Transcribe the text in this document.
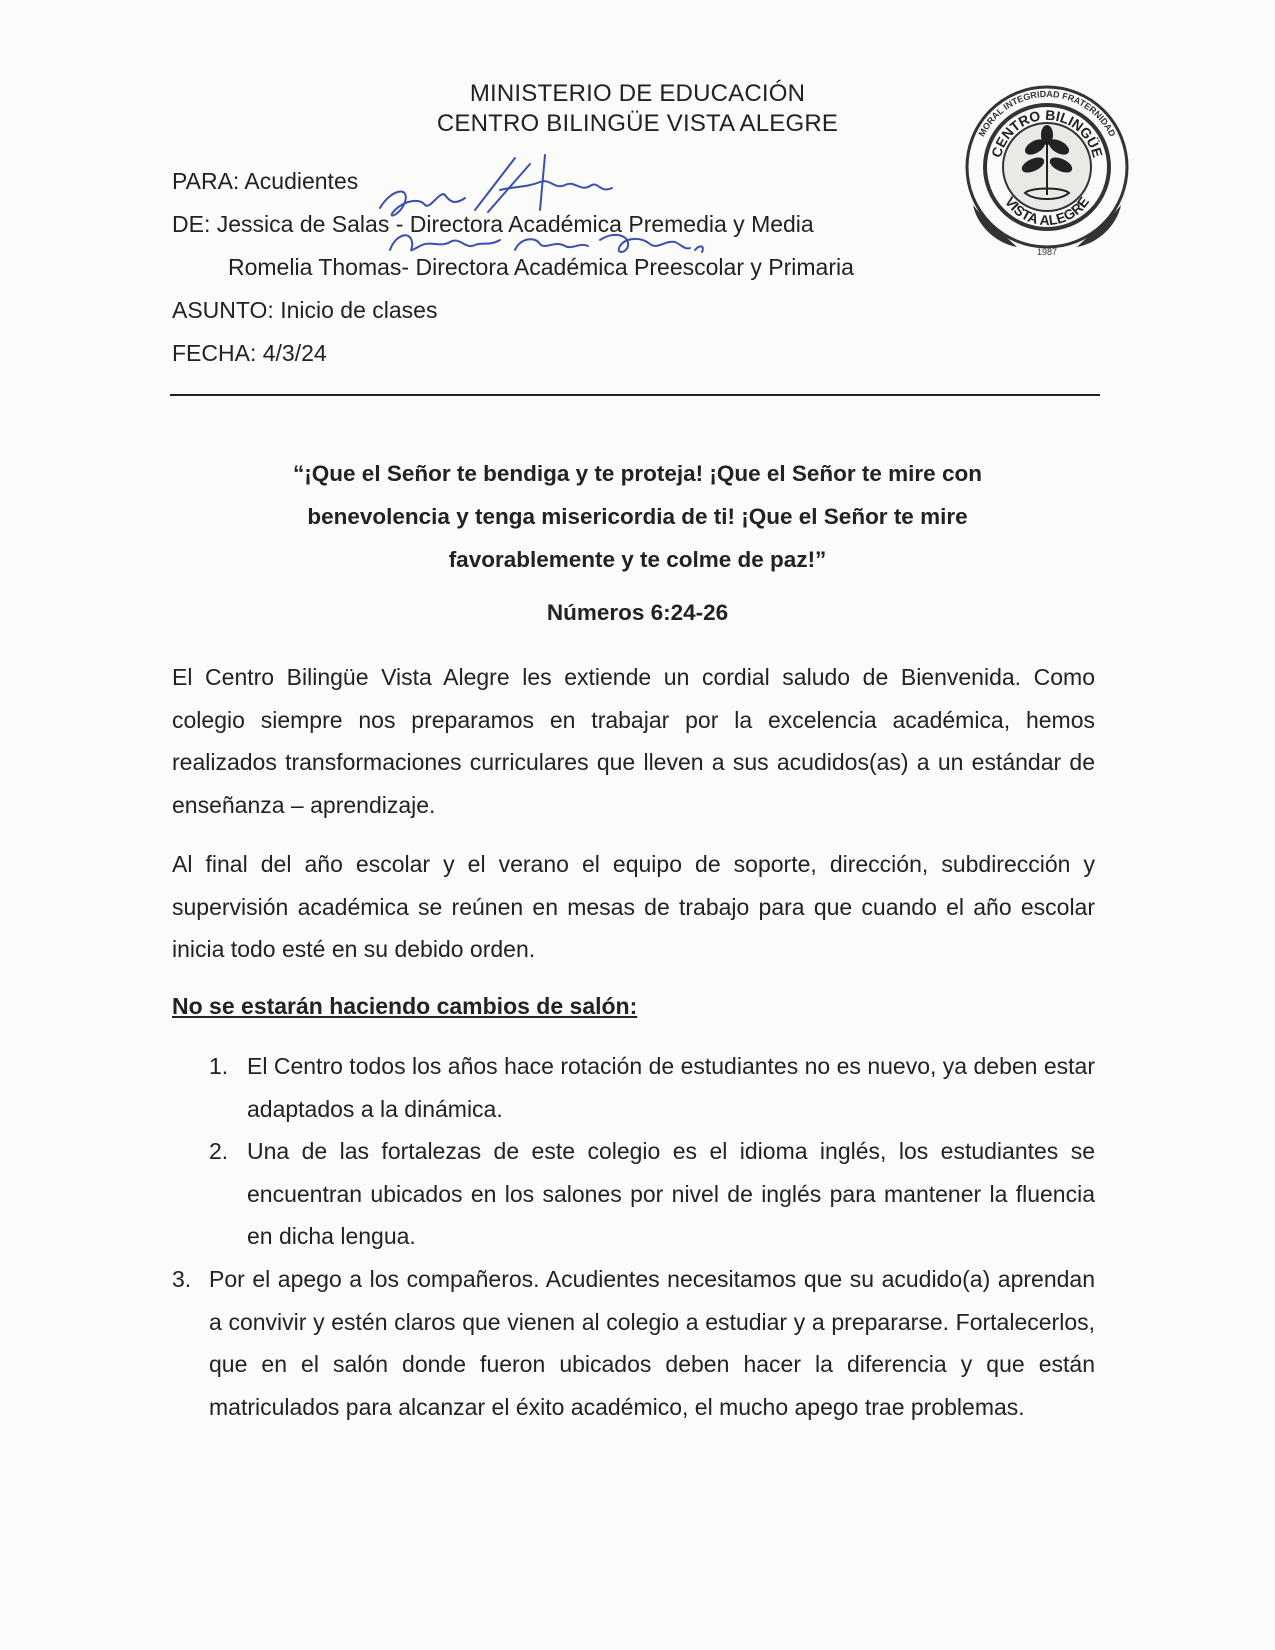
MINISTERIO DE EDUCACIÓN
CENTRO BILINGÜE VISTA ALEGRE
PARA: Acudientes
DE: Jessica de Salas - Directora Académica Premedia y Media
Romelia Thomas- Directora Académica Preescolar y Primaria
ASUNTO: Inicio de clases
FECHA: 4/3/24
MORAL INTEGRIDAD FRATERNIDAD
CENTRO BILINGÜE
VISTA ALEGRE
1987
“¡Que el Señor te bendiga y te proteja! ¡Que el Señor te mire con benevolencia y tenga misericordia de ti! ¡Que el Señor te mire favorablemente y te colme de paz!”
Números 6:24-26
El Centro Bilingüe Vista Alegre les extiende un cordial saludo de Bienvenida. Como colegio siempre nos preparamos en trabajar por la excelencia académica, hemos realizados transformaciones curriculares que lleven a sus acudidos(as) a un estándar de enseñanza – aprendizaje.
Al final del año escolar y el verano el equipo de soporte, dirección, subdirección y supervisión académica se reúnen en mesas de trabajo para que cuando el año escolar inicia todo esté en su debido orden.
No se estarán haciendo cambios de salón:
1. El Centro todos los años hace rotación de estudiantes no es nuevo, ya deben estar adaptados a la dinámica.
2. Una de las fortalezas de este colegio es el idioma inglés, los estudiantes se encuentran ubicados en los salones por nivel de inglés para mantener la fluencia en dicha lengua.
3. Por el apego a los compañeros. Acudientes necesitamos que su acudido(a) aprendan a convivir y estén claros que vienen al colegio a estudiar y a prepararse. Fortalecerlos, que en el salón donde fueron ubicados deben hacer la diferencia y que están matriculados para alcanzar el éxito académico, el mucho apego trae problemas.
